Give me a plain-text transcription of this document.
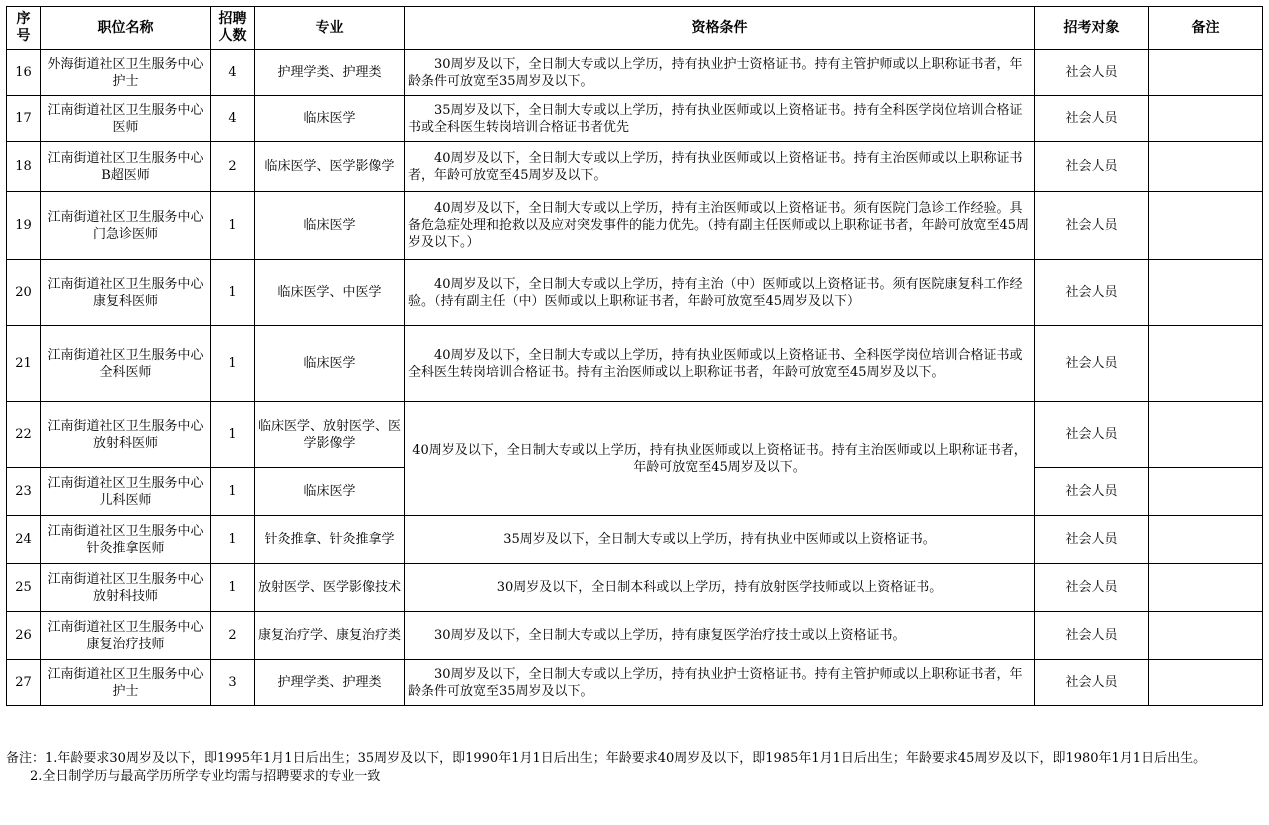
序
号	职位名称	招聘
人数	专业	资格条件	招考对象	备注
16	外海街道社区卫生服务中心护士	4	护理学类、护理类	30周岁及以下，全日制大专或以上学历，持有执业护士资格证书。持有主管护师或以上职称证书者，年龄条件可放宽至35周岁及以下。	社会人员	
17	江南街道社区卫生服务中心医师	4	临床医学	35周岁及以下，全日制大专或以上学历，持有执业医师或以上资格证书。持有全科医学岗位培训合格证书或全科医生转岗培训合格证书者优先	社会人员	
18	江南街道社区卫生服务中心B超医师	2	临床医学、医学影像学	40周岁及以下，全日制大专或以上学历，持有执业医师或以上资格证书。持有主治医师或以上职称证书者，年龄可放宽至45周岁及以下。	社会人员	
19	江南街道社区卫生服务中心门急诊医师	1	临床医学	40周岁及以下，全日制大专或以上学历，持有主治医师或以上资格证书。须有医院门急诊工作经验。具备危急症处理和抢救以及应对突发事件的能力优先。（持有副主任医师或以上职称证书者，年龄可放宽至45周岁及以下。）	社会人员	
20	江南街道社区卫生服务中心康复科医师	1	临床医学、中医学	40周岁及以下，全日制大专或以上学历，持有主治（中）医师或以上资格证书。须有医院康复科工作经验。（持有副主任（中）医师或以上职称证书者，年龄可放宽至45周岁及以下）	社会人员	
21	江南街道社区卫生服务中心全科医师	1	临床医学	40周岁及以下，全日制大专或以上学历，持有执业医师或以上资格证书、全科医学岗位培训合格证书或全科医生转岗培训合格证书。持有主治医师或以上职称证书者，年龄可放宽至45周岁及以下。	社会人员	
22	江南街道社区卫生服务中心放射科医师	1	临床医学、放射医学、医学影像学	40周岁及以下，全日制大专或以上学历，持有执业医师或以上资格证书。持有主治医师或以上职称证书者，年龄可放宽至45周岁及以下。	社会人员	
23	江南街道社区卫生服务中心儿科医师	1	临床医学		社会人员	
24	江南街道社区卫生服务中心针灸推拿医师	1	针灸推拿、针灸推拿学	35周岁及以下，全日制大专或以上学历，持有执业中医师或以上资格证书。	社会人员	
25	江南街道社区卫生服务中心放射科技师	1	放射医学、医学影像技术	30周岁及以下，全日制本科或以上学历，持有放射医学技师或以上资格证书。	社会人员	
26	江南街道社区卫生服务中心康复治疗技师	2	康复治疗学、康复治疗类	30周岁及以下，全日制大专或以上学历，持有康复医学治疗技士或以上资格证书。	社会人员	
27	江南街道社区卫生服务中心护士	3	护理学类、护理类	30周岁及以下，全日制大专或以上学历，持有执业护士资格证书。持有主管护师或以上职称证书者，年龄条件可放宽至35周岁及以下。	社会人员	

备注：1.年龄要求30周岁及以下，即1995年1月1日后出生；35周岁及以下，即1990年1月1日后出生；年龄要求40周岁及以下，即1985年1月1日后出生；年龄要求45周岁及以下，即1980年1月1日后出生。

2.全日制学历与最高学历所学专业均需与招聘要求的专业一致
